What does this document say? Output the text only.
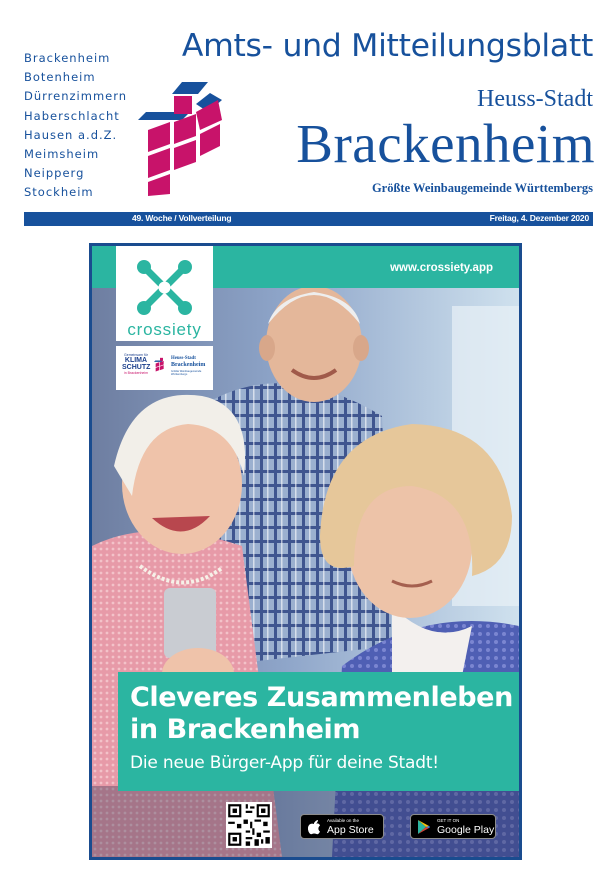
Brackenheim
Botenheim
Dürrenzimmern
Haberschlacht
Hausen a.d.Z.
Meimsheim
Neipperg
Stockheim
Amts- und Mitteilungsblatt
Heuss-Stadt
Brackenheim
Größte Weinbaugemeinde Württembergs
49. Woche / Vollverteilung	Freitag, 4. Dezember 2020
www.crossiety.app
crossiety
Gemeinsam für
KLIMA
SCHUTZ
in Brackenheim
Heuss-Stadt
Brackenheim
Größte Weinbaugemeinde Württembergs
Cleveres Zusammenleben
in Brackenheim
Die neue Bürger-App für deine Stadt!
Available on the
App Store
GET IT ON
Google Play
